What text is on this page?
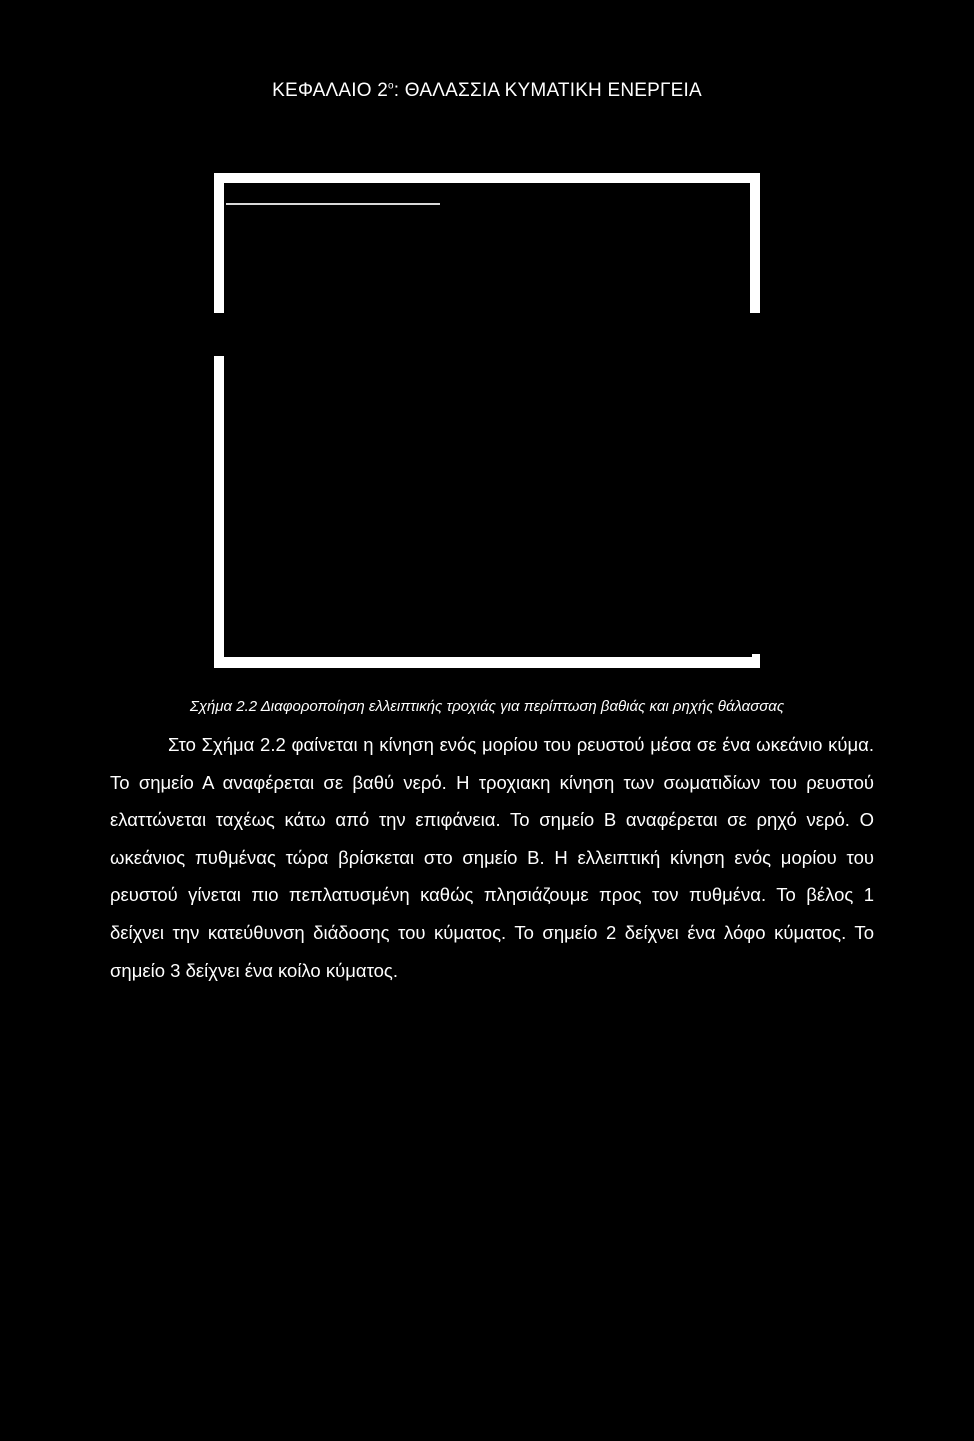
ΚΕΦΑΛΑΙΟ $2^o$: ΘΑΛΑΣΣΙΑ ΚΥΜΑΤΙΚΗ ΕΝΕΡΓΕΙΑ
Σχήμα 2.2 Διαφοροποίηση ελλειπτικής τροχιάς για περίπτωση βαθιάς και ρηχής θάλασσας
Στο Σχήμα 2.2 φαίνεται η κίνηση ενός μορίου του ρευστού μέσα σε ένα ωκεάνιο κύμα. Το σημείο Α αναφέρεται σε βαθύ νερό. Η τροχιακη κίνηση των σωματιδίων του ρευστού ελαττώνεται ταχέως κάτω από την επιφάνεια. Το σημείο Β αναφέρεται σε ρηχό νερό. Ο ωκεάνιος πυθμένας τώρα βρίσκεται στο σημείο Β. Η ελλειπτική κίνηση ενός μορίου του ρευστού γίνεται πιο πεπλατυσμένη καθώς πλησιάζουμε προς τον πυθμένα. Το βέλος 1 δείχνει την κατεύθυνση διάδοσης του κύματος. Το σημείο 2 δείχνει ένα λόφο κύματος. Το σημείο 3 δείχνει ένα κοίλο κύματος.
